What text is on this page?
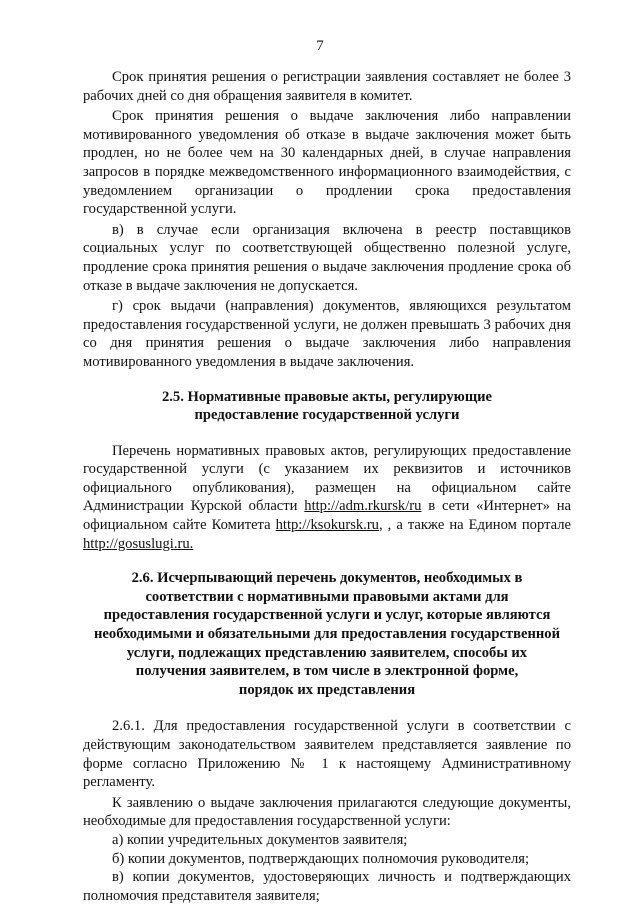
7

Срок принятия решения о регистрации заявления составляет не более 3 рабочих дней со дня обращения заявителя в комитет.

Срок принятия решения о выдаче заключения либо направлении мотивированного уведомления об отказе в выдаче заключения может быть продлен, но не более чем на 30 календарных дней, в случае направления запросов в порядке межведомственного информационного взаимодействия, с уведомлением организации о продлении срока предоставления государственной услуги.

в) в случае если организация включена в реестр поставщиков социальных услуг по соответствующей общественно полезной услуге, продление срока принятия решения о выдаче заключения продление срока об отказе в выдаче заключения не допускается.

г) срок выдачи (направления) документов, являющихся результатом предоставления государственной услуги, не должен превышать 3 рабочих дня со дня принятия решения о выдаче заключения либо направления мотивированного уведомления в выдаче заключения.

2.5. Нормативные правовые акты, регулирующие

предоставление государственной услуги

Перечень нормативных правовых актов, регулирующих предоставление государственной услуги (с указанием их реквизитов и источников официального опубликования), размещен на официальном сайте Администрации Курской области http://adm.rkursk/ru в сети «Интернет» на официальном сайте Комитета http://ksokursk.ru, , а также на Едином портале http://gosuslugi.ru.

2.6. Исчерпывающий перечень документов, необходимых в

соответствии с нормативными правовыми актами для

предоставления государственной услуги и услуг, которые являются

необходимыми и обязательными для предоставления государственной

услуги, подлежащих представлению заявителем, способы их

получения заявителем, в том числе в электронной форме,

порядок их представления

2.6.1. Для предоставления государственной услуги в соответствии с действующим законодательством заявителем представляется заявление по форме согласно Приложению № 1 к настоящему Административному регламенту.

К заявлению о выдаче заключения прилагаются следующие документы, необходимые для предоставления государственной услуги:

а) копии учредительных документов заявителя;

б) копии документов, подтверждающих полномочия руководителя;

в) копии документов, удостоверяющих личность и подтверждающих полномочия представителя заявителя;
